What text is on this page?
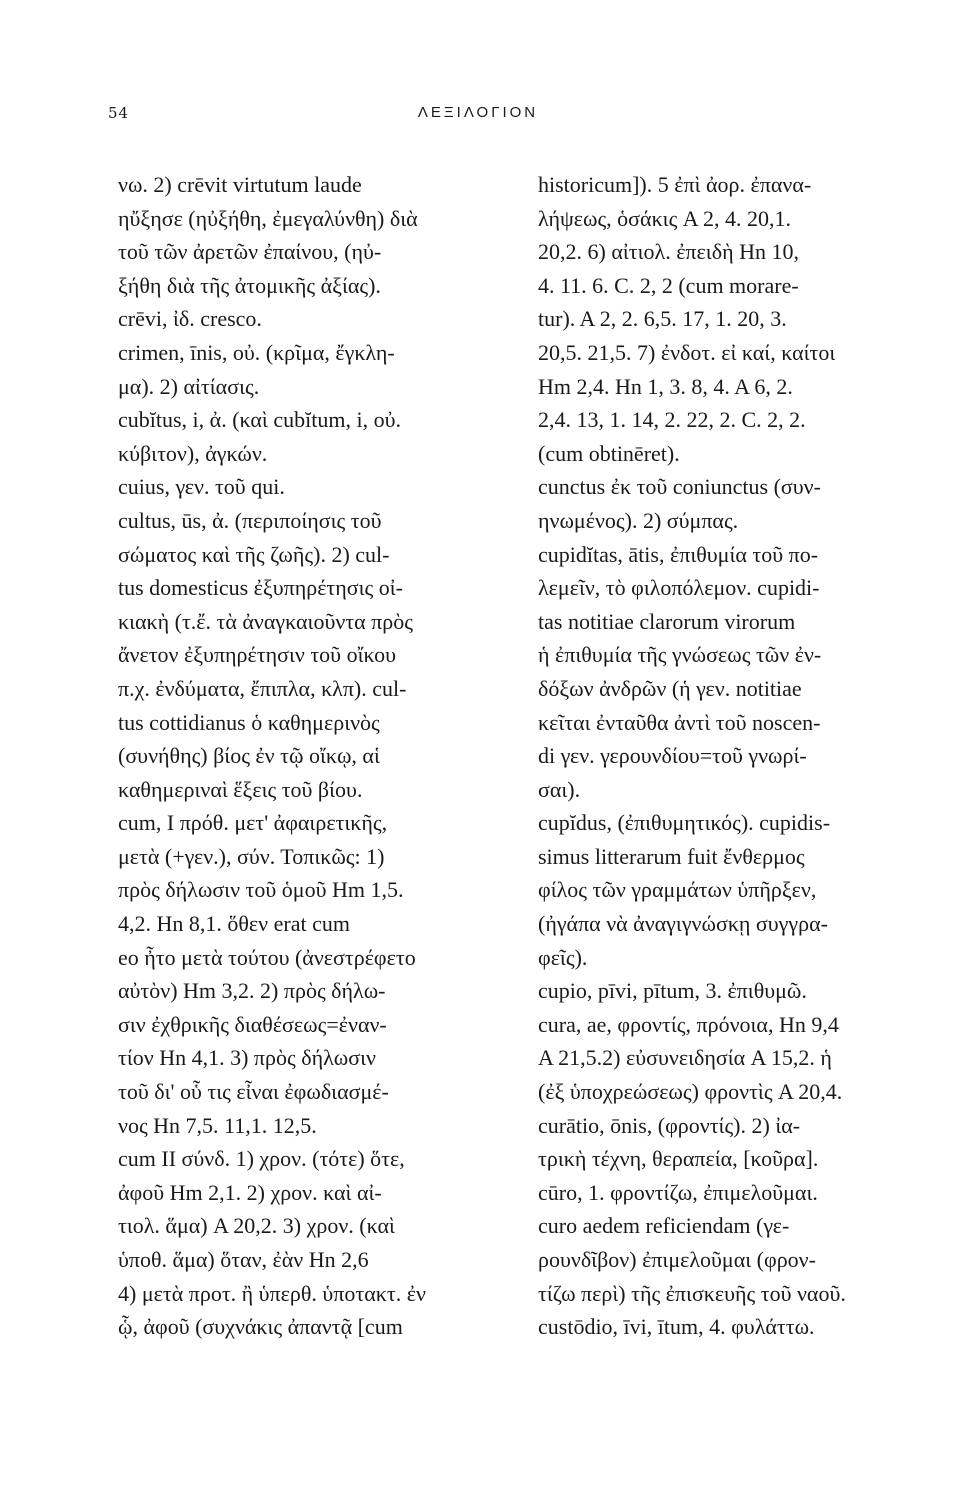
54	ΛΕΞΙΛΟΓΙΟΝ
νω. 2) crēvit virtutum laude
ηὔξησε (ηὐξήθη, ἐμεγαλύνθη) διὰ
τοῦ τῶν ἀρετῶν ἐπαίνου, (ηὐ-
ξήθη διὰ τῆς ἀτομικῆς ἀξίας).
crēvi, ἰδ. cresco.
crimen, īnis, οὐ. (κρῖμα, ἔγκλη-
μα). 2) αἰτίασις.
cubĭtus, i, ἀ. (καὶ cubĭtum, i, οὐ.
κύβιτον), ἀγκών.
cuius, γεν. τοῦ qui.
cultus, ūs, ἀ. (περιποίησις τοῦ
σώματος καὶ τῆς ζωῆς). 2) cul-
tus domesticus ἐξυπηρέτησις οἰ-
κιακὴ (τ.ἔ. τὰ ἀναγκαιοῦντα πρὸς
ἄνετον ἐξυπηρέτησιν τοῦ οἴκου
π.χ. ἐνδύματα, ἔπιπλα, κλπ). cul-
tus cottidianus ὁ καθημερινὸς
(συνήθης) βίος ἐν τῷ οἴκῳ, αἱ
καθημεριναὶ ἕξεις τοῦ βίου.
cum, I πρόθ. μετ' ἀφαιρετικῆς,
μετὰ (+γεν.), σύν. Τοπικῶς: 1)
πρὸς δήλωσιν τοῦ ὁμοῦ Hm 1,5.
4,2. Hn 8,1. ὅθεν erat cum
eo ἦτο μετὰ τούτου (ἀνεστρέφετο
αὐτὸν) Hm 3,2. 2) πρὸς δήλω-
σιν ἐχθρικῆς διαθέσεως=ἐναν-
τίον Hn 4,1. 3) πρὸς δήλωσιν
τοῦ δι' οὗ τις εἶναι ἐφωδιασμέ-
νος Hn 7,5. 11,1. 12,5.
cum II σύνδ. 1) χρον. (τότε) ὅτε,
ἀφοῦ Hm 2,1. 2) χρον. καὶ αἰ-
τιολ. ἅμα) A 20,2. 3) χρον. (καὶ
ὑποθ. ἅμα) ὅταν, ἐὰν Hn 2,6
4) μετὰ προτ. ἢ ὑπερθ. ὑποτακτ. ἐν
ᾧ, ἀφοῦ (συχνάκις ἀπαντᾷ [cum
historicum]). 5 ἐπὶ ἀορ. ἐπανα-
λήψεως, ὁσάκις A 2, 4. 20,1.
20,2. 6) αἰτιολ. ἐπειδὴ Hn 10,
4. 11. 6. C. 2, 2 (cum morare-
tur). A 2, 2. 6,5. 17, 1. 20, 3.
20,5. 21,5. 7) ἐνδοτ. εἰ καί, καίτοι
Hm 2,4. Hn 1, 3. 8, 4. A 6, 2.
2,4. 13, 1. 14, 2. 22, 2. C. 2, 2.
(cum obtinēret).
cunctus ἐκ τοῦ coniunctus (συν-
ηνωμένος). 2) σύμπας.
cupidĭtas, ātis, ἐπιθυμία τοῦ πο-
λεμεῖν, τὸ φιλοπόλεμον. cupidi-
tas notitiae clarorum virorum
ἡ ἐπιθυμία τῆς γνώσεως τῶν ἐν-
δόξων ἀνδρῶν (ἡ γεν. notitiae
κεῖται ἐνταῦθα ἀντὶ τοῦ noscen-
di γεν. γερουνδίου=τοῦ γνωρί-
σαι).
cupĭdus, (ἐπιθυμητικός). cupidis-
simus litterarum fuit ἔνθερμος
φίλος τῶν γραμμάτων ὑπῆρξεν,
(ἠγάπα νὰ ἀναγιγνώσκῃ συγγρα-
φεῖς).
cupio, pīvi, pītum, 3. ἐπιθυμῶ.
cura, ae, φροντίς, πρόνοια, Hn 9,4
A 21,5.2) εὐσυνειδησία A 15,2. ἡ
(ἐξ ὑποχρεώσεως) φροντὶς A 20,4.
curātio, ōnis, (φροντίς). 2) ἰα-
τρικὴ τέχνη, θεραπεία, [κοῦρα].
cūro, 1. φροντίζω, ἐπιμελοῦμαι.
curo aedem reficiendam (γε-
ρουνδῖβον) ἐπιμελοῦμαι (φρον-
τίζω περὶ) τῆς ἐπισκευῆς τοῦ ναοῦ.
custōdio, īvi, ītum, 4. φυλάττω.
